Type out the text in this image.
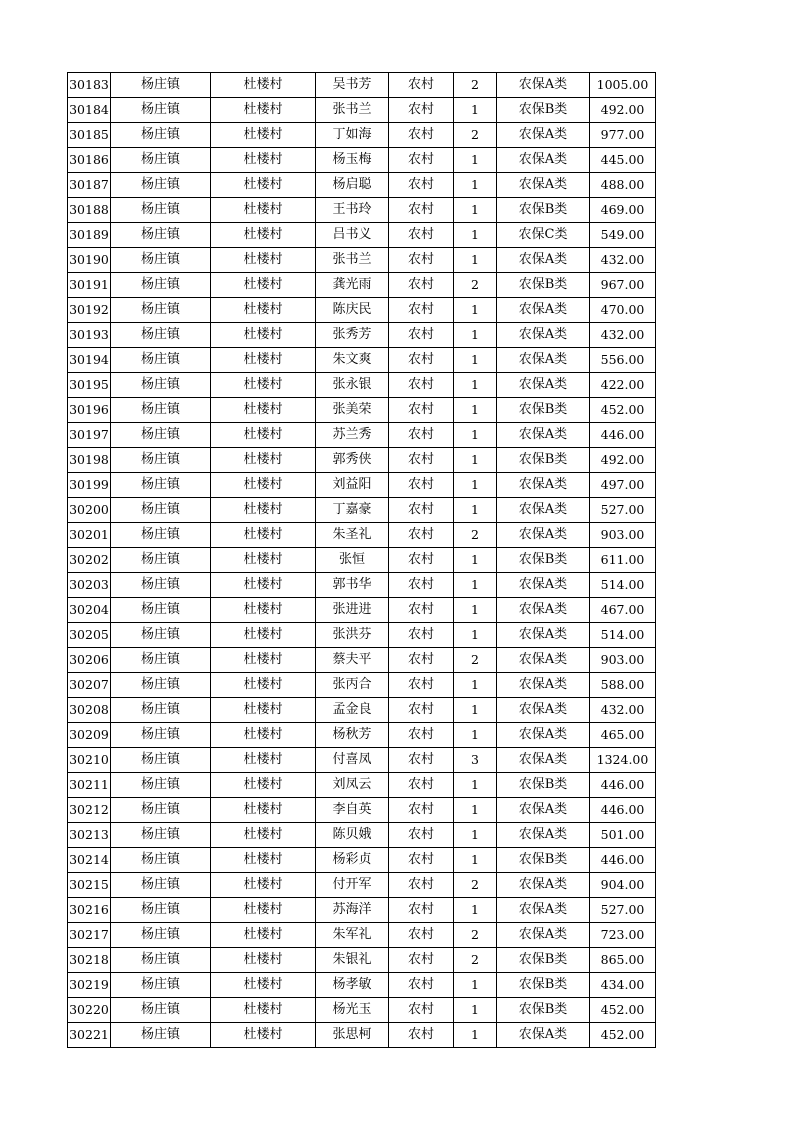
30183	杨庄镇	杜楼村	吴书芳	农村	2	农保A类	1005.00
30184	杨庄镇	杜楼村	张书兰	农村	1	农保B类	492.00
30185	杨庄镇	杜楼村	丁如海	农村	2	农保A类	977.00
30186	杨庄镇	杜楼村	杨玉梅	农村	1	农保A类	445.00
30187	杨庄镇	杜楼村	杨启聪	农村	1	农保A类	488.00
30188	杨庄镇	杜楼村	王书玲	农村	1	农保B类	469.00
30189	杨庄镇	杜楼村	吕书义	农村	1	农保C类	549.00
30190	杨庄镇	杜楼村	张书兰	农村	1	农保A类	432.00
30191	杨庄镇	杜楼村	龚光雨	农村	2	农保B类	967.00
30192	杨庄镇	杜楼村	陈庆民	农村	1	农保A类	470.00
30193	杨庄镇	杜楼村	张秀芳	农村	1	农保A类	432.00
30194	杨庄镇	杜楼村	朱文爽	农村	1	农保A类	556.00
30195	杨庄镇	杜楼村	张永银	农村	1	农保A类	422.00
30196	杨庄镇	杜楼村	张美荣	农村	1	农保B类	452.00
30197	杨庄镇	杜楼村	苏兰秀	农村	1	农保A类	446.00
30198	杨庄镇	杜楼村	郭秀侠	农村	1	农保B类	492.00
30199	杨庄镇	杜楼村	刘益阳	农村	1	农保A类	497.00
30200	杨庄镇	杜楼村	丁嘉豪	农村	1	农保A类	527.00
30201	杨庄镇	杜楼村	朱圣礼	农村	2	农保A类	903.00
30202	杨庄镇	杜楼村	张恒	农村	1	农保B类	611.00
30203	杨庄镇	杜楼村	郭书华	农村	1	农保A类	514.00
30204	杨庄镇	杜楼村	张进进	农村	1	农保A类	467.00
30205	杨庄镇	杜楼村	张洪芬	农村	1	农保A类	514.00
30206	杨庄镇	杜楼村	蔡夫平	农村	2	农保A类	903.00
30207	杨庄镇	杜楼村	张丙合	农村	1	农保A类	588.00
30208	杨庄镇	杜楼村	孟金良	农村	1	农保A类	432.00
30209	杨庄镇	杜楼村	杨秋芳	农村	1	农保A类	465.00
30210	杨庄镇	杜楼村	付喜凤	农村	3	农保A类	1324.00
30211	杨庄镇	杜楼村	刘凤云	农村	1	农保B类	446.00
30212	杨庄镇	杜楼村	李自英	农村	1	农保A类	446.00
30213	杨庄镇	杜楼村	陈贝娥	农村	1	农保A类	501.00
30214	杨庄镇	杜楼村	杨彩贞	农村	1	农保B类	446.00
30215	杨庄镇	杜楼村	付开军	农村	2	农保A类	904.00
30216	杨庄镇	杜楼村	苏海洋	农村	1	农保A类	527.00
30217	杨庄镇	杜楼村	朱军礼	农村	2	农保A类	723.00
30218	杨庄镇	杜楼村	朱银礼	农村	2	农保B类	865.00
30219	杨庄镇	杜楼村	杨孝敏	农村	1	农保B类	434.00
30220	杨庄镇	杜楼村	杨光玉	农村	1	农保B类	452.00
30221	杨庄镇	杜楼村	张思柯	农村	1	农保A类	452.00
